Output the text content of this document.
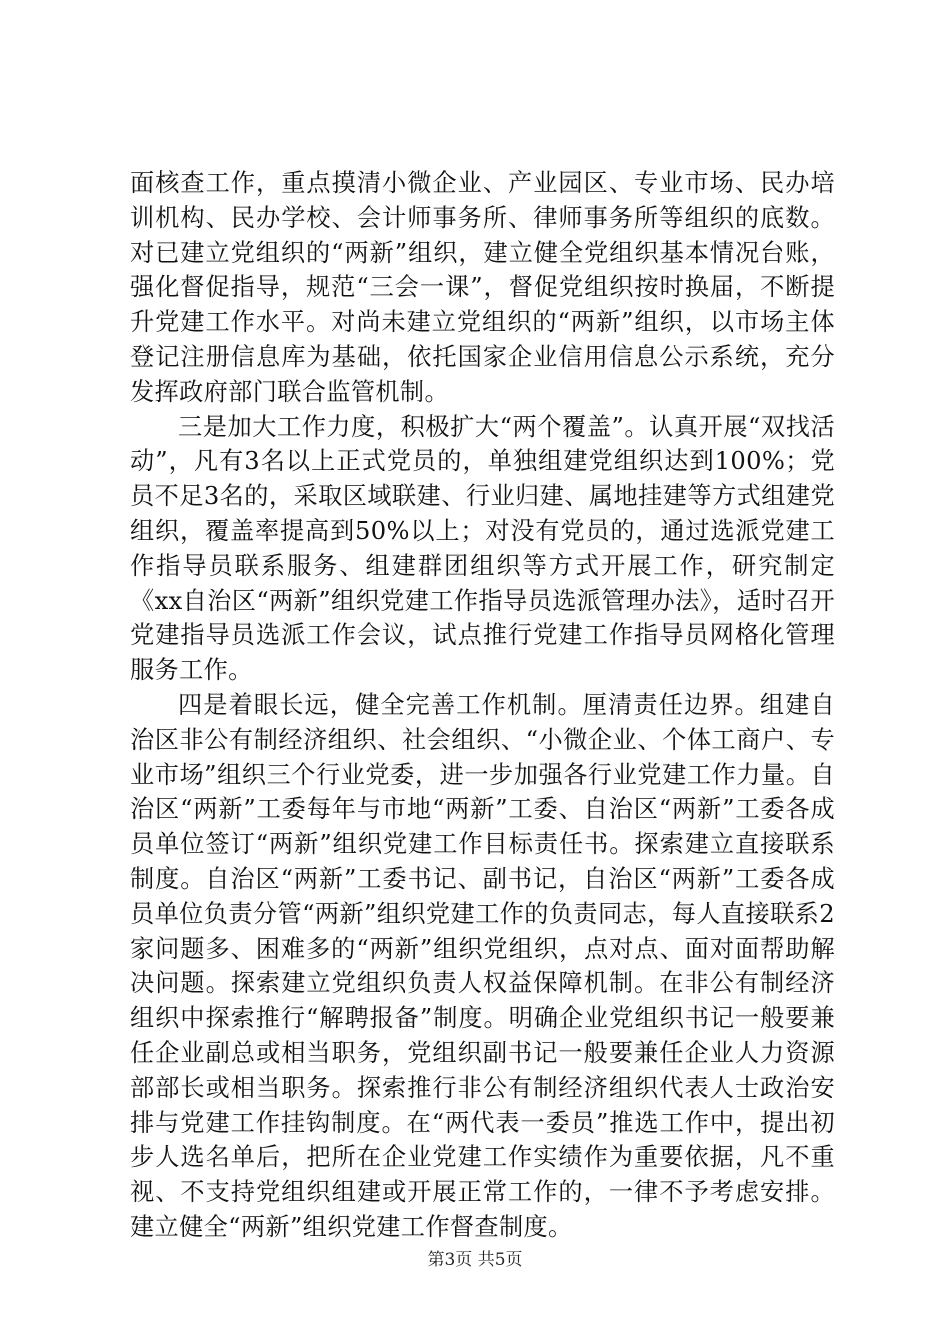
面核查工作，重点摸清小微企业、产业园区、专业市场、民办培训机构、民办学校、会计师事务所、律师事务所等组织的底数。对已建立党组织的“两新”组织，建立健全党组织基本情况台账，强化督促指导，规范“三会一课”，督促党组织按时换届，不断提升党建工作水平。对尚未建立党组织的“两新”组织，以市场主体登记注册信息库为基础，依托国家企业信用信息公示系统，充分发挥政府部门联合监管机制。

三是加大工作力度，积极扩大“两个覆盖”。认真开展“双找活动”，凡有3名以上正式党员的，单独组建党组织达到100%；党员不足3名的，采取区域联建、行业归建、属地挂建等方式组建党组织，覆盖率提高到50%以上；对没有党员的，通过选派党建工作指导员联系服务、组建群团组织等方式开展工作，研究制定《xx自治区“两新”组织党建工作指导员选派管理办法》，适时召开党建指导员选派工作会议，试点推行党建工作指导员网格化管理服务工作。

四是着眼长远，健全完善工作机制。厘清责任边界。组建自治区非公有制经济组织、社会组织、“小微企业、个体工商户、专业市场”组织三个行业党委，进一步加强各行业党建工作力量。自治区“两新”工委每年与市地“两新”工委、自治区“两新”工委各成员单位签订“两新”组织党建工作目标责任书。探索建立直接联系制度。自治区“两新”工委书记、副书记，自治区“两新”工委各成员单位负责分管“两新”组织党建工作的负责同志，每人直接联系2家问题多、困难多的“两新”组织党组织，点对点、面对面帮助解决问题。探索建立党组织负责人权益保障机制。在非公有制经济组织中探索推行“解聘报备”制度。明确企业党组织书记一般要兼任企业副总或相当职务，党组织副书记一般要兼任企业人力资源部部长或相当职务。探索推行非公有制经济组织代表人士政治安排与党建工作挂钩制度。在“两代表一委员”推选工作中，提出初步人选名单后，把所在企业党建工作实绩作为重要依据，凡不重视、不支持党组织组建或开展正常工作的，一律不予考虑安排。建立健全“两新”组织党建工作督查制度。

第3页 共5页
